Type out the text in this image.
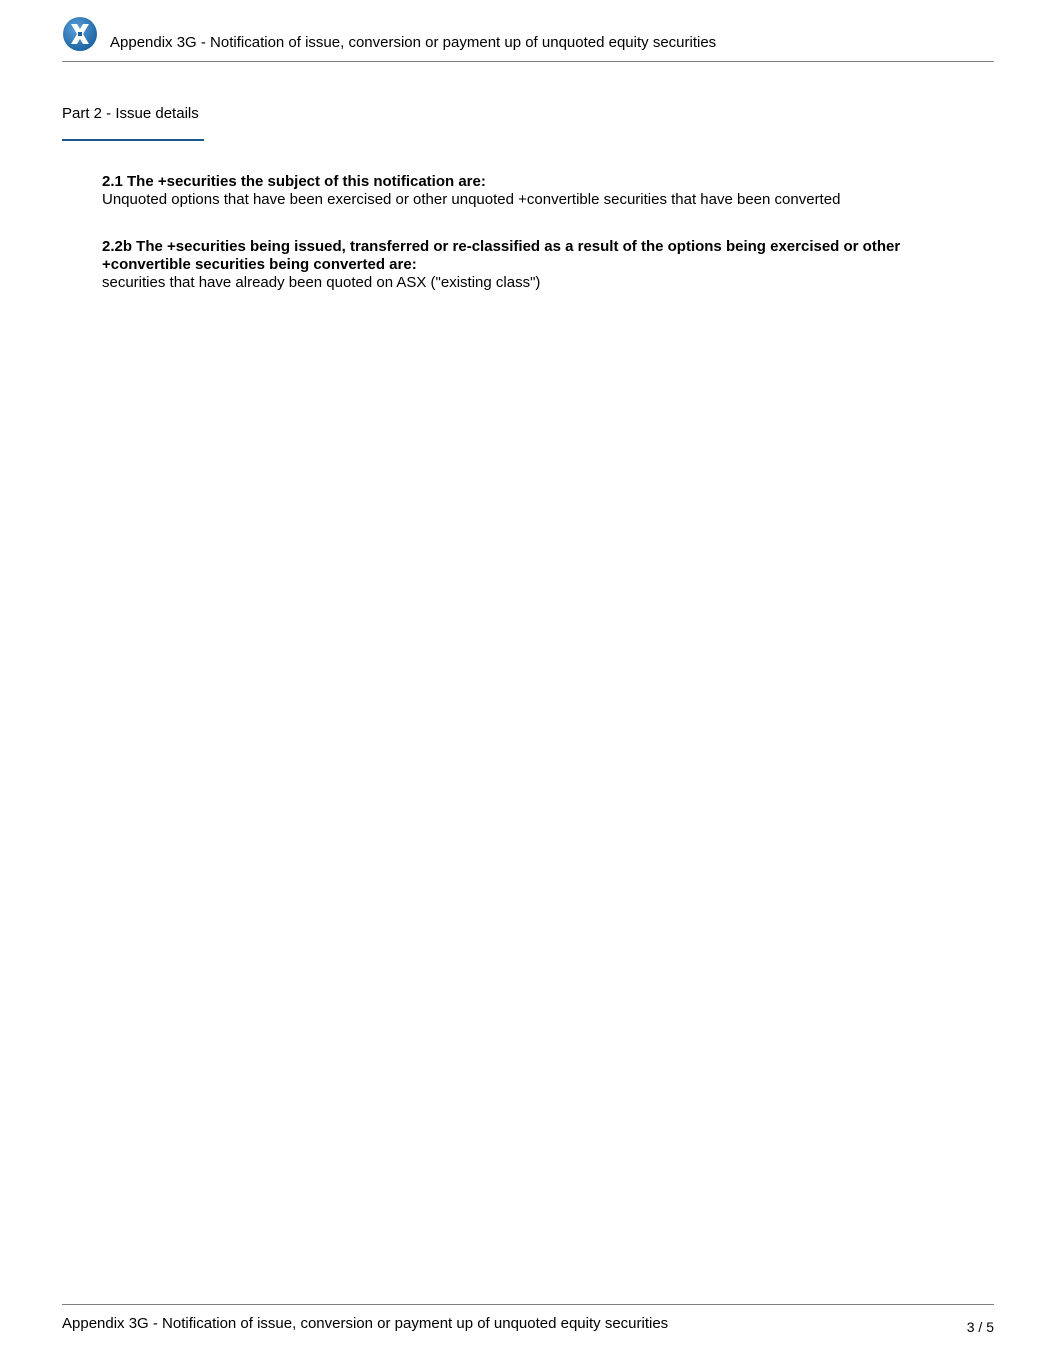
Appendix 3G - Notification of issue, conversion or payment up of unquoted equity securities
Part 2 - Issue details
2.1 The +securities the subject of this notification are:
Unquoted options that have been exercised or other unquoted +convertible securities that have been converted
2.2b The +securities being issued, transferred or re-classified as a result of the options being exercised or other +convertible securities being converted are:
securities that have already been quoted on ASX ("existing class")
Appendix 3G - Notification of issue, conversion or payment up of unquoted equity securities	3 / 5
